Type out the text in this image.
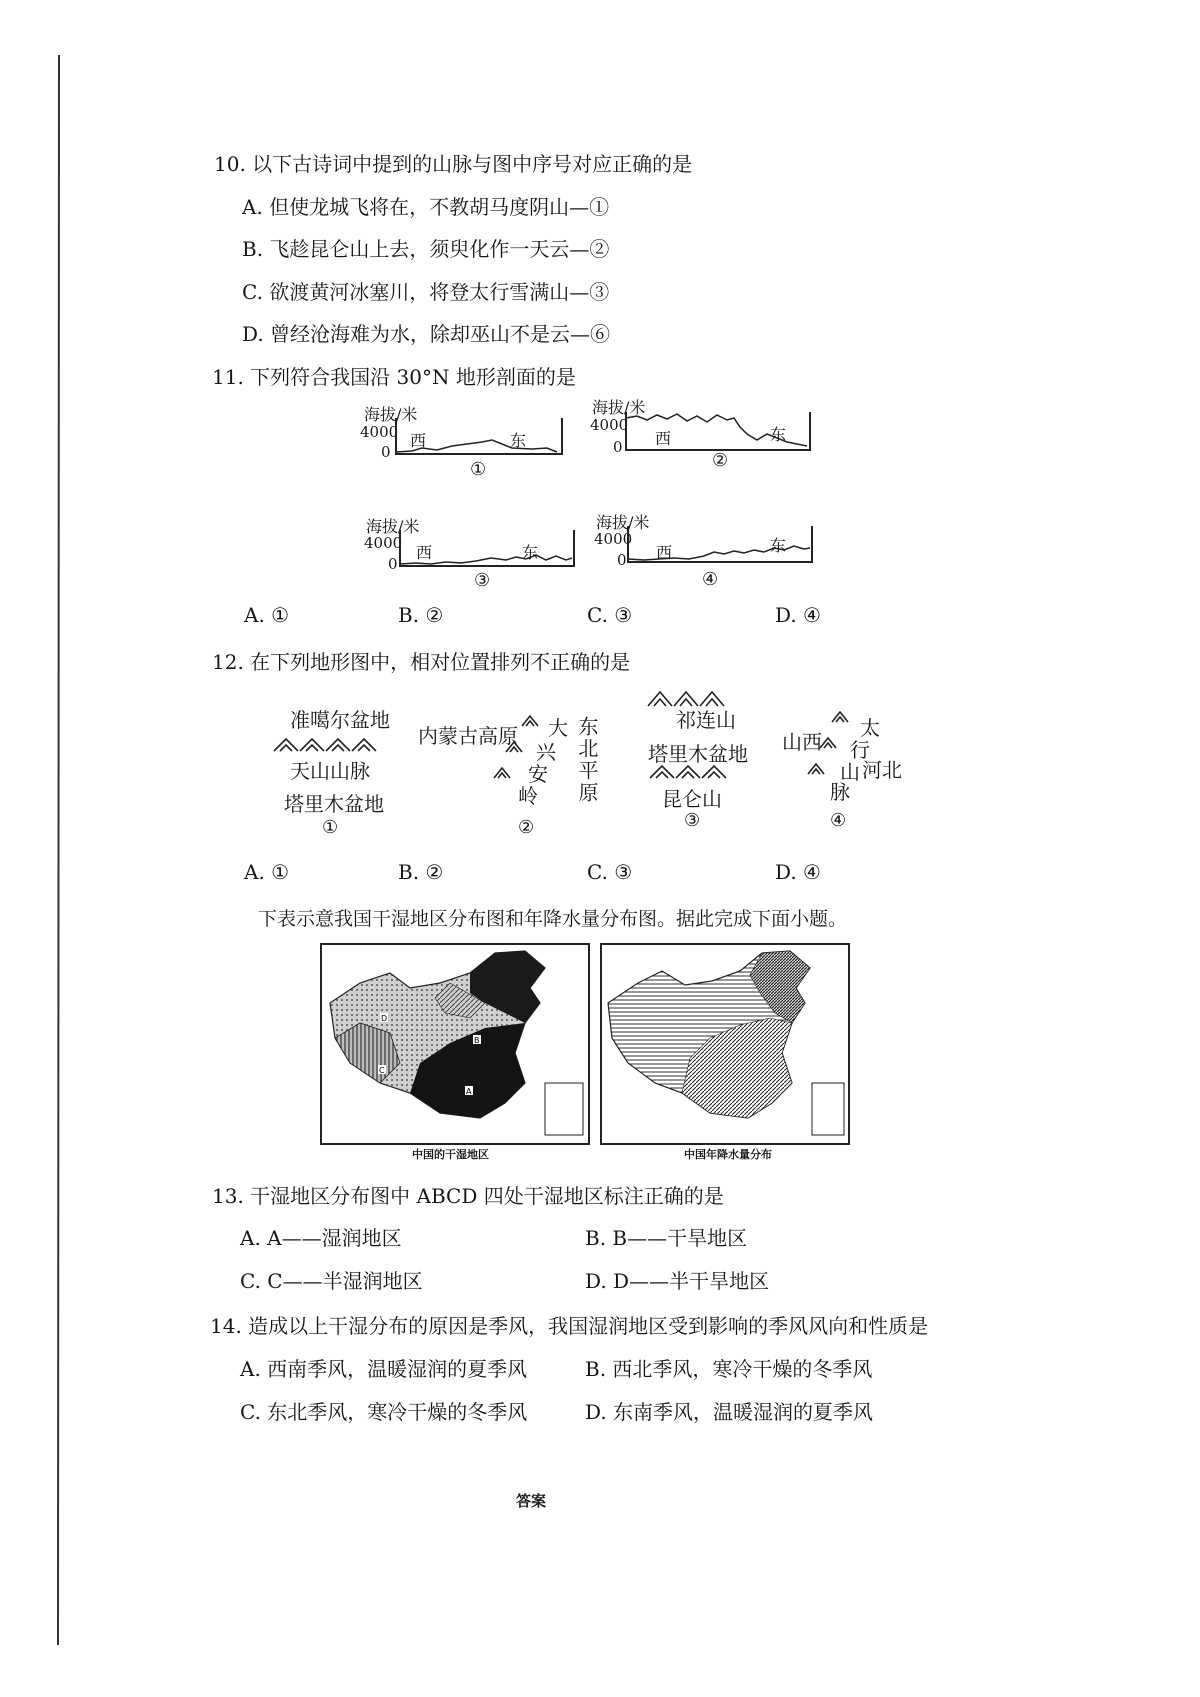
10. 以下古诗词中提到的山脉与图中序号对应正确的是
A. 但使龙城飞将在，不教胡马度阴山—①
B. 飞趁昆仑山上去，须臾化作一天云—②
C. 欲渡黄河冰塞川，将登太行雪满山—③
D. 曾经沧海难为水，除却巫山不是云—⑥
11. 下列符合我国沿 30°N 地形剖面的是
海拔/米
4000
0
西	东
①
海拔/米
4000
0 西	东
②
海拔/米
4000
0
西	东
③
海拔/米
4000
0 西	东
④
A. ①	B. ②	C. ③	D. ④
12. 在下列地形图中，相对位置排列不正确的是
准噶尔盆地
天山山脉
塔里木盆地
①
内蒙古高原 大
兴
安
岭 东北平原
②
祁连山
塔里木盆地
昆仑山
③
山西
太
行
山
脉
河北
④
A. ①	B. ②	C. ③	D. ④
下表示意我国干湿地区分布图和年降水量分布图。据此完成下面小题。
D
B
A
C
中国的干湿地区	中国年降水量分布
13. 干湿地区分布图中 ABCD 四处干湿地区标注正确的是
A. A——湿润地区	B. B——干旱地区
C. C——半湿润地区	D. D——半干旱地区
14. 造成以上干湿分布的原因是季风，我国湿润地区受到影响的季风风向和性质是
A. 西南季风，温暖湿润的夏季风	B. 西北季风，寒冷干燥的冬季风
C. 东北季风，寒冷干燥的冬季风	D. 东南季风，温暖湿润的夏季风
答案
